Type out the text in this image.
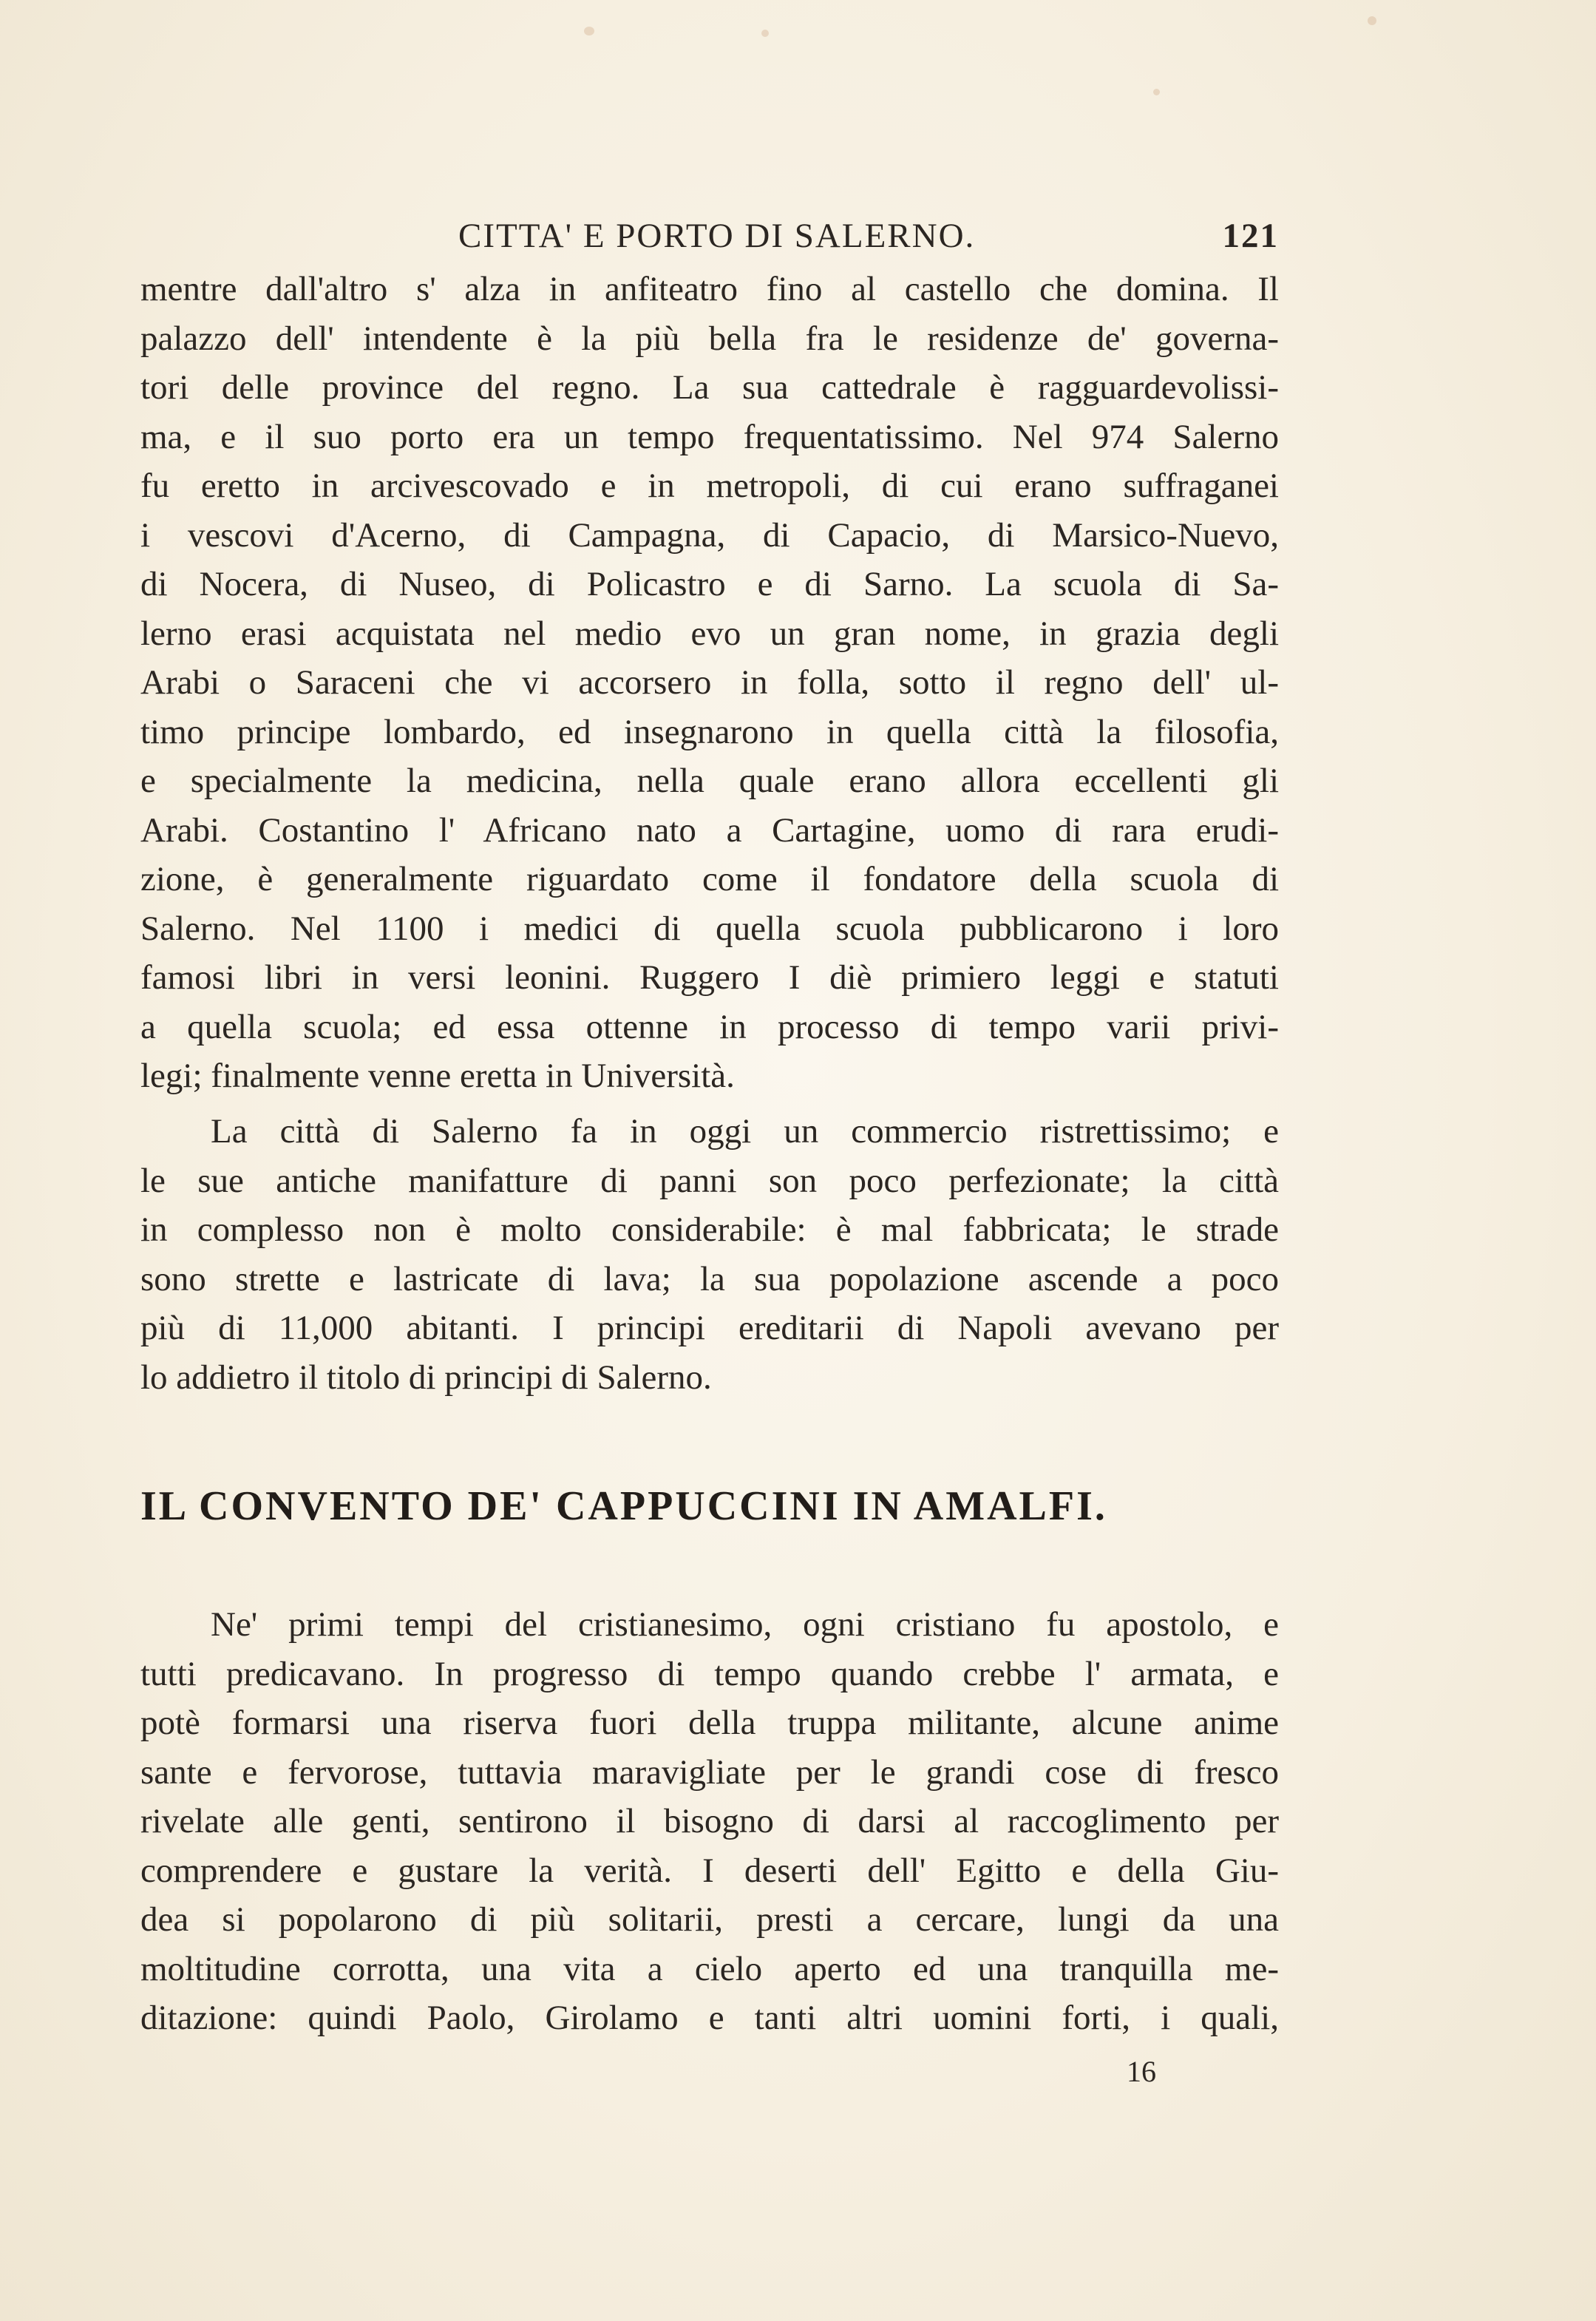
CITTA' E PORTO DI SALERNO.	121
mentre dall'altro s' alza in anfiteatro fino al castello che domina. Il
palazzo dell' intendente è la più bella fra le residenze de' governa-
tori delle province del regno. La sua cattedrale è ragguardevolissi-
ma, e il suo porto era un tempo frequentatissimo. Nel 974 Salerno
fu eretto in arcivescovado e in metropoli, di cui erano suffraganei
i vescovi d'Acerno, di Campagna, di Capacio, di Marsico-Nuevo,
di Nocera, di Nuseo, di Policastro e di Sarno. La scuola di Sa-
lerno erasi acquistata nel medio evo un gran nome, in grazia degli
Arabi o Saraceni che vi accorsero in folla, sotto il regno dell' ul-
timo principe lombardo, ed insegnarono in quella città la filosofia,
e specialmente la medicina, nella quale erano allora eccellenti gli
Arabi. Costantino l' Africano nato a Cartagine, uomo di rara erudi-
zione, è generalmente riguardato come il fondatore della scuola di
Salerno. Nel 1100 i medici di quella scuola pubblicarono i loro
famosi libri in versi leonini. Ruggero I diè primiero leggi e statuti
a quella scuola; ed essa ottenne in processo di tempo varii privi-
legi; finalmente venne eretta in Università.
La città di Salerno fa in oggi un commercio ristrettissimo; e
le sue antiche manifatture di panni son poco perfezionate; la città
in complesso non è molto considerabile: è mal fabbricata; le strade
sono strette e lastricate di lava; la sua popolazione ascende a poco
più di 11,000 abitanti. I principi ereditarii di Napoli avevano per
lo addietro il titolo di principi di Salerno.
IL CONVENTO DE' CAPPUCCINI IN AMALFI.
Ne' primi tempi del cristianesimo, ogni cristiano fu apostolo, e
tutti predicavano. In progresso di tempo quando crebbe l' armata, e
potè formarsi una riserva fuori della truppa militante, alcune anime
sante e fervorose, tuttavia maravigliate per le grandi cose di fresco
rivelate alle genti, sentirono il bisogno di darsi al raccoglimento per
comprendere e gustare la verità. I deserti dell' Egitto e della Giu-
dea si popolarono di più solitarii, presti a cercare, lungi da una
moltitudine corrotta, una vita a cielo aperto ed una tranquilla me-
ditazione: quindi Paolo, Girolamo e tanti altri uomini forti, i quali,
16
